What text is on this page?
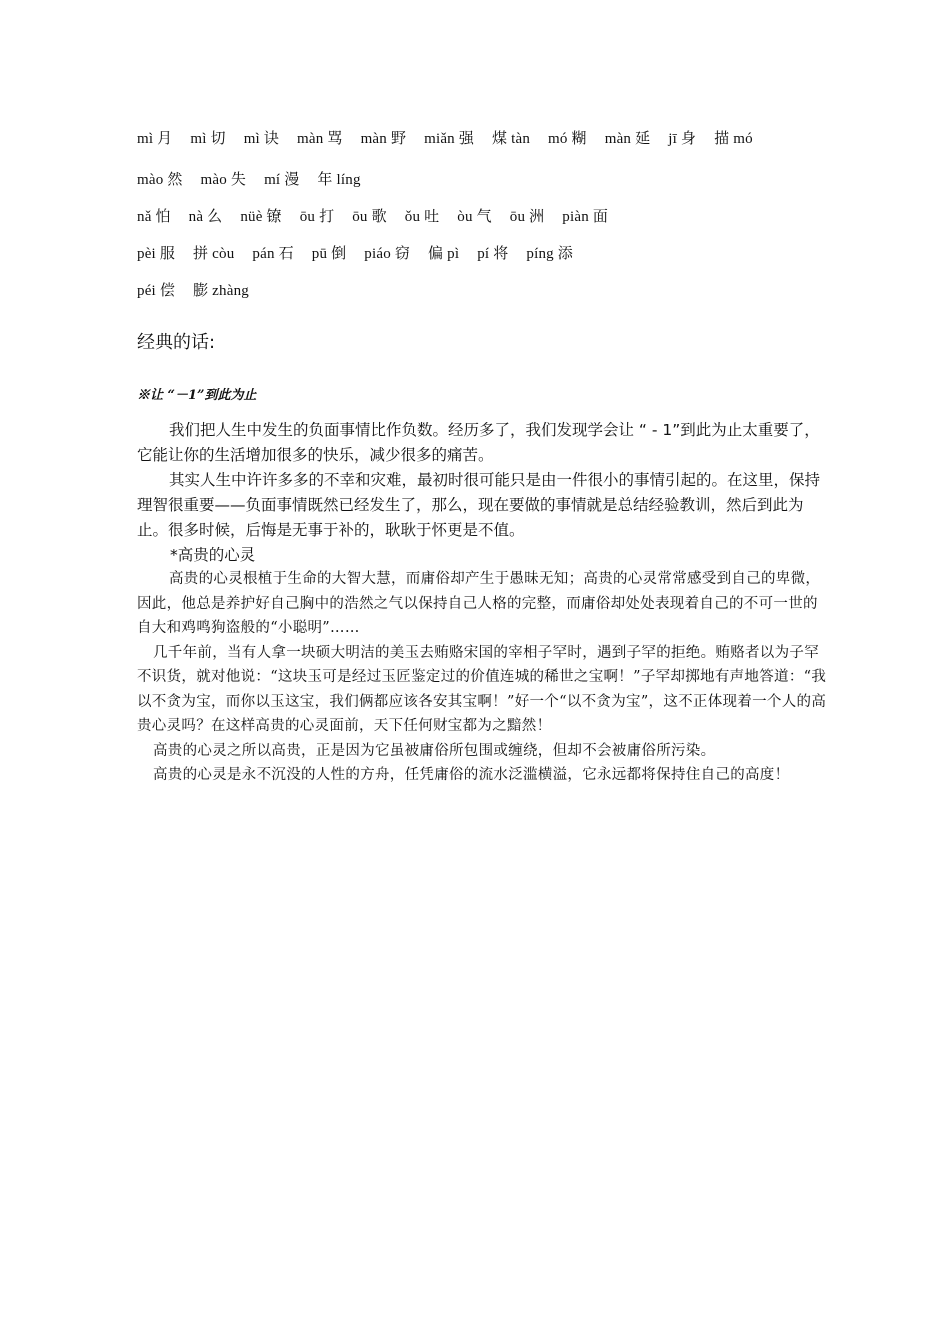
mì 月 mì 切 mì 诀 màn 骂 màn 野 miǎn 强 煤 tàn mó 糊 màn 延 jī 身 描 mó
mào 然 mào 失 mí 漫 年 líng
nǎ 怕 nà 么 nüè 镣 ōu 打 ōu 歌 ǒu 吐 òu 气 ōu 洲 piàn 面
pèi 服 拼 còu pán 石 pū 倒 piáo 窃 偏 pì pí 将 píng 添
péi 偿 膨 zhàng
经典的话:
※让 “－1”到此为止

我们把人生中发生的负面事情比作负数。经历多了，我们发现学会让 “ - 1”到此为止太重要了，它能让你的生活增加很多的快乐，减少很多的痛苦。

其实人生中许许多多的不幸和灾难，最初时很可能只是由一件很小的事情引起的。在这里，保持理智很重要——负面事情既然已经发生了，那么，现在要做的事情就是总结经验教训，然后到此为止。很多时候，后悔是无事于补的，耿耿于怀更是不值。

*高贵的心灵

高贵的心灵根植于生命的大智大慧，而庸俗却产生于愚昧无知；高贵的心灵常常感受到自己的卑微，因此，他总是养护好自己胸中的浩然之气以保持自己人格的完整，而庸俗却处处表现着自己的不可一世的自大和鸡鸣狗盗般的“小聪明”……

几千年前，当有人拿一块硕大明洁的美玉去贿赂宋国的宰相子罕时，遇到子罕的拒绝。贿赂者以为子罕不识货，就对他说：“这块玉可是经过玉匠鉴定过的价值连城的稀世之宝啊！”子罕却掷地有声地答道：“我以不贪为宝，而你以玉这宝，我们俩都应该各安其宝啊！”好一个“以不贪为宝”，这不正体现着一个人的高贵心灵吗？在这样高贵的心灵面前，天下任何财宝都为之黯然！

高贵的心灵之所以高贵，正是因为它虽被庸俗所包围或缠绕，但却不会被庸俗所污染。

高贵的心灵是永不沉没的人性的方舟，任凭庸俗的流水泛滥横溢，它永远都将保持住自己的高度！
